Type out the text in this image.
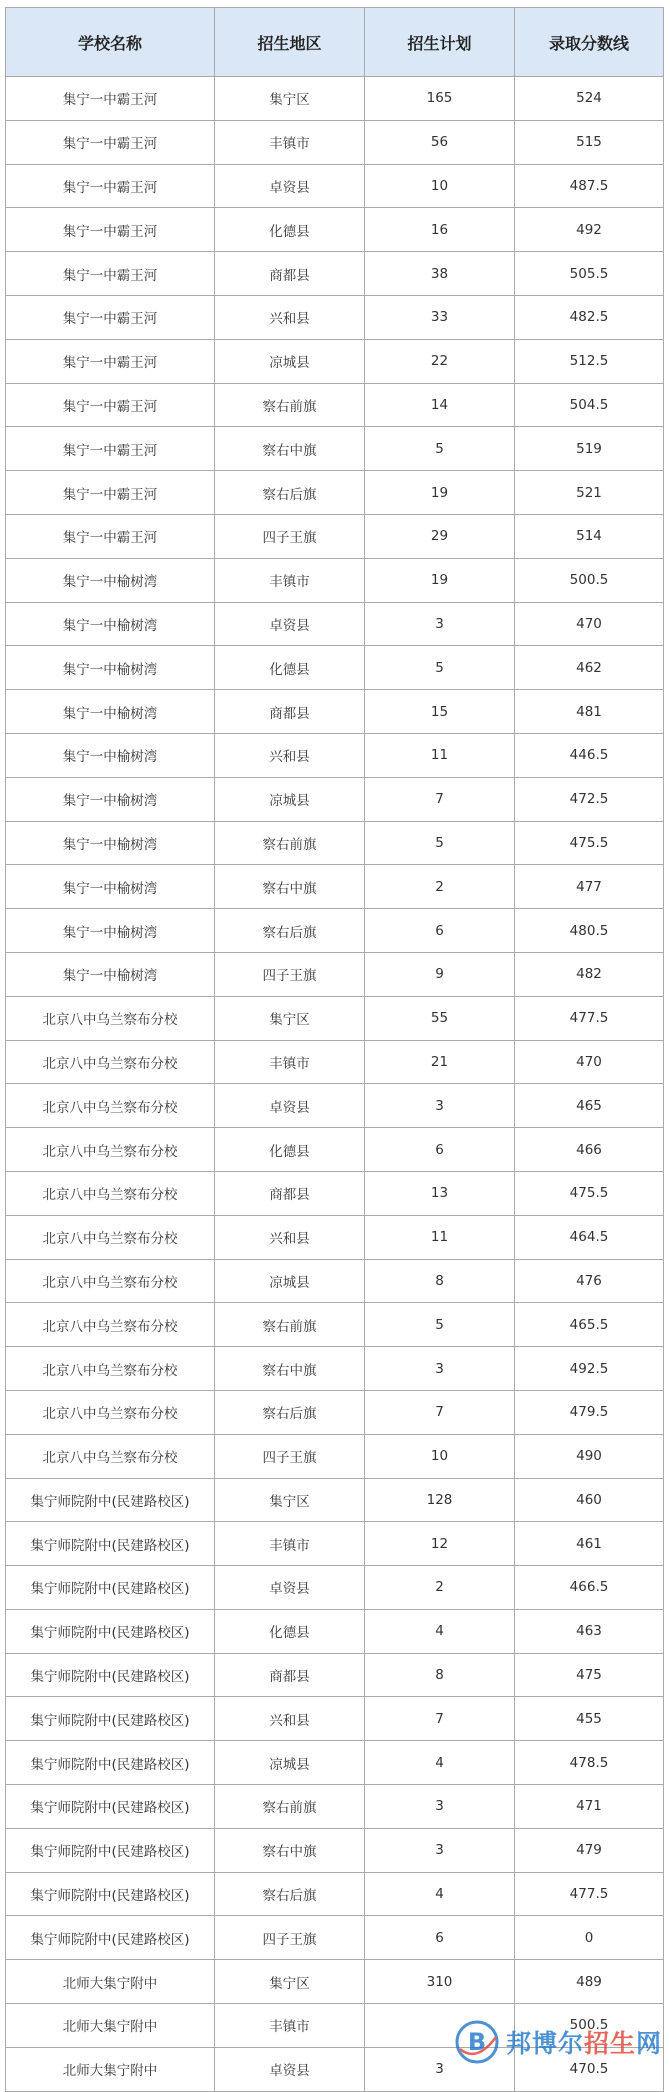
学校名称	招生地区	招生计划	录取分数线
集宁一中霸王河	集宁区	165	524
集宁一中霸王河	丰镇市	56	515
集宁一中霸王河	卓资县	10	487.5
集宁一中霸王河	化德县	16	492
集宁一中霸王河	商都县	38	505.5
集宁一中霸王河	兴和县	33	482.5
集宁一中霸王河	凉城县	22	512.5
集宁一中霸王河	察右前旗	14	504.5
集宁一中霸王河	察右中旗	5	519
集宁一中霸王河	察右后旗	19	521
集宁一中霸王河	四子王旗	29	514
集宁一中榆树湾	丰镇市	19	500.5
集宁一中榆树湾	卓资县	3	470
集宁一中榆树湾	化德县	5	462
集宁一中榆树湾	商都县	15	481
集宁一中榆树湾	兴和县	11	446.5
集宁一中榆树湾	凉城县	7	472.5
集宁一中榆树湾	察右前旗	5	475.5
集宁一中榆树湾	察右中旗	2	477
集宁一中榆树湾	察右后旗	6	480.5
集宁一中榆树湾	四子王旗	9	482
北京八中乌兰察布分校	集宁区	55	477.5
北京八中乌兰察布分校	丰镇市	21	470
北京八中乌兰察布分校	卓资县	3	465
北京八中乌兰察布分校	化德县	6	466
北京八中乌兰察布分校	商都县	13	475.5
北京八中乌兰察布分校	兴和县	11	464.5
北京八中乌兰察布分校	凉城县	8	476
北京八中乌兰察布分校	察右前旗	5	465.5
北京八中乌兰察布分校	察右中旗	3	492.5
北京八中乌兰察布分校	察右后旗	7	479.5
北京八中乌兰察布分校	四子王旗	10	490
集宁师院附中(民建路校区)	集宁区	128	460
集宁师院附中(民建路校区)	丰镇市	12	461
集宁师院附中(民建路校区)	卓资县	2	466.5
集宁师院附中(民建路校区)	化德县	4	463
集宁师院附中(民建路校区)	商都县	8	475
集宁师院附中(民建路校区)	兴和县	7	455
集宁师院附中(民建路校区)	凉城县	4	478.5
集宁师院附中(民建路校区)	察右前旗	3	471
集宁师院附中(民建路校区)	察右中旗	3	479
集宁师院附中(民建路校区)	察右后旗	4	477.5
集宁师院附中(民建路校区)	四子王旗	6	0
北师大集宁附中	集宁区	310	489
北师大集宁附中	丰镇市		500.5
北师大集宁附中	卓资县	3	470.5
B 邦博尔招生网
